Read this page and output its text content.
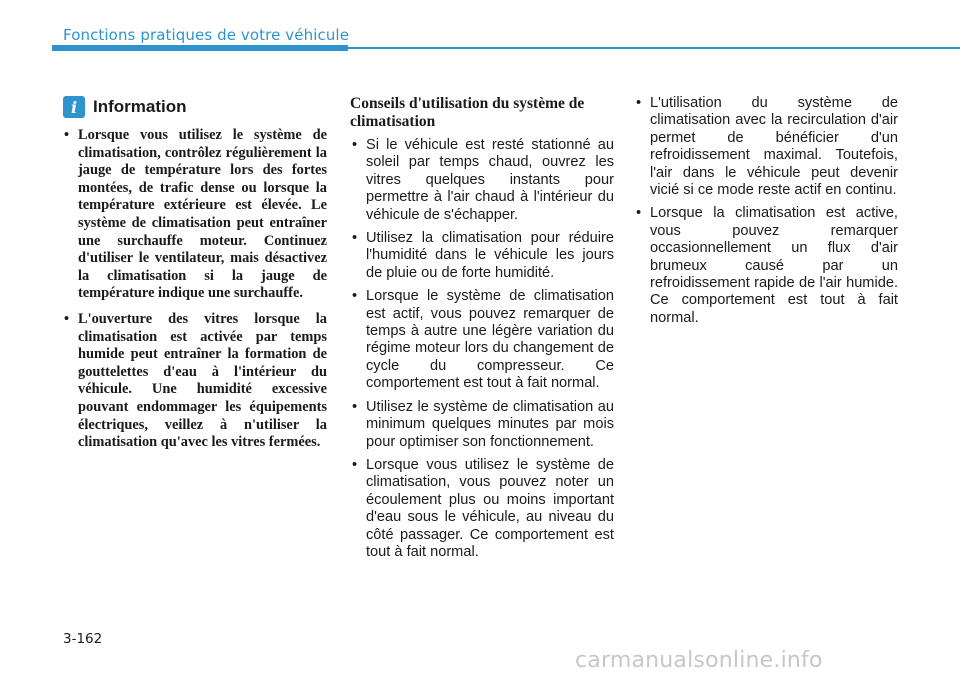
Fonctions pratiques de votre véhicule
i Information
• Lorsque vous utilisez le système de climatisation, contrôlez régulièrement la jauge de température lors des fortes montées, de trafic dense ou lorsque la température extérieure est élevée. Le système de climatisation peut entraîner une surchauffe moteur. Continuez d'utiliser le ventilateur, mais désactivez la climatisation si la jauge de température indique une surchauffe.
• L'ouverture des vitres lorsque la climatisation est activée par temps humide peut entraîner la formation de gouttelettes d'eau à l'intérieur du véhicule. Une humidité excessive pouvant endommager les équipements électriques, veillez à n'utiliser la climatisation qu'avec les vitres fermées.
Conseils d'utilisation du système de climatisation
• Si le véhicule est resté stationné au soleil par temps chaud, ouvrez les vitres quelques instants pour permettre à l'air chaud à l'intérieur du véhicule de s'échapper.
• Utilisez la climatisation pour réduire l'humidité dans le véhicule les jours de pluie ou de forte humidité.
• Lorsque le système de climatisation est actif, vous pouvez remarquer de temps à autre une légère variation du régime moteur lors du changement de cycle du compresseur. Ce comportement est tout à fait normal.
• Utilisez le système de climatisation au minimum quelques minutes par mois pour optimiser son fonctionnement.
• Lorsque vous utilisez le système de climatisation, vous pouvez noter un écoulement plus ou moins important d'eau sous le véhicule, au niveau du côté passager. Ce comportement est tout à fait normal.
• L'utilisation du système de climatisation avec la recirculation d'air permet de bénéficier d'un refroidissement maximal. Toutefois, l'air dans le véhicule peut devenir vicié si ce mode reste actif en continu.
• Lorsque la climatisation est active, vous pouvez remarquer occasionnellement un flux d'air brumeux causé par un refroidissement rapide de l'air humide. Ce comportement est tout à fait normal.
3-162
carmanualsonline.info
